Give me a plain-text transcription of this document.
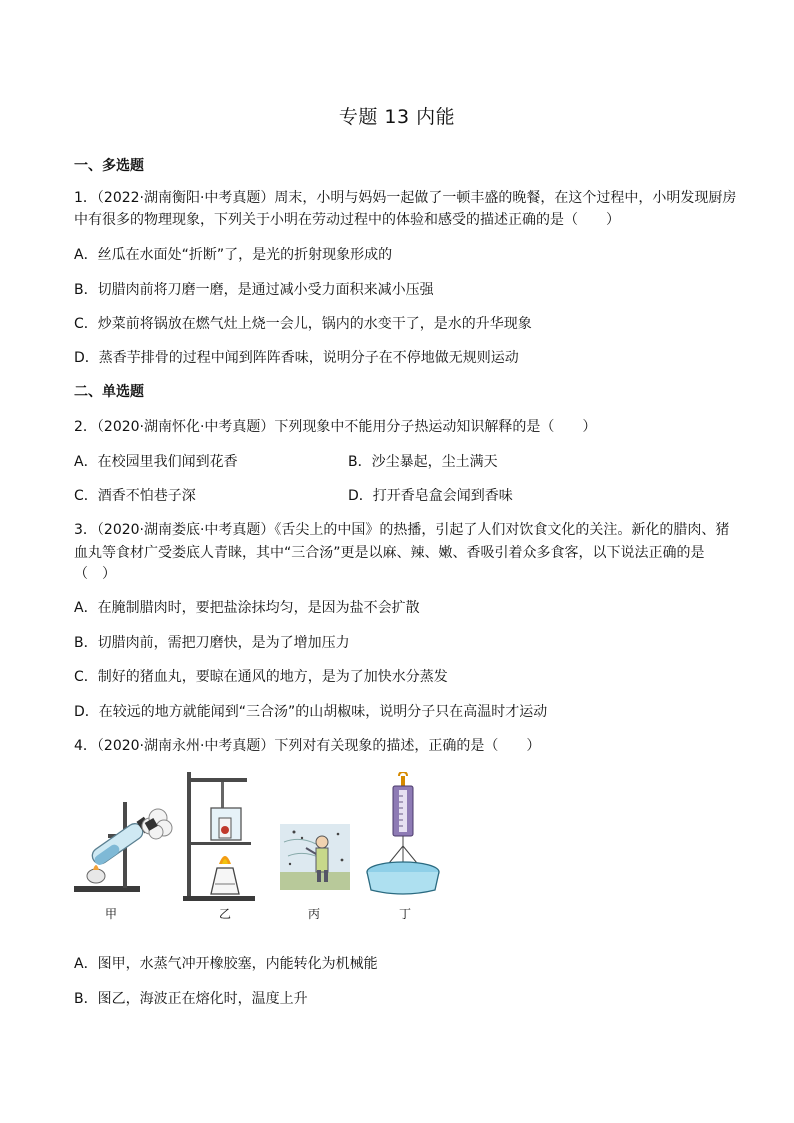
专题 13 内能
一、多选题
1．（2022·湖南衡阳·中考真题）周末，小明与妈妈一起做了一顿丰盛的晚餐，在这个过程中，小明发现厨房
中有很多的物理现象，下列关于小明在劳动过程中的体验和感受的描述正确的是（　　）
A．丝瓜在水面处“折断”了，是光的折射现象形成的
B．切腊肉前将刀磨一磨，是通过减小受力面积来减小压强
C．炒菜前将锅放在燃气灶上烧一会儿，锅内的水变干了，是水的升华现象
D．蒸香芋排骨的过程中闻到阵阵香味，说明分子在不停地做无规则运动
二、单选题
2．（2020·湖南怀化·中考真题）下列现象中不能用分子热运动知识解释的是（　　）
A．在校园里我们闻到花香	B．沙尘暴起，尘土满天
C．酒香不怕巷子深	D．打开香皂盒会闻到香味
3．（2020·湖南娄底·中考真题）《舌尖上的中国》的热播，引起了人们对饮食文化的关注。新化的腊肉、猪
血丸等食材广受娄底人青睐，其中“三合汤”更是以麻、辣、嫩、香吸引着众多食客，以下说法正确的是
（　）
A．在腌制腊肉时，要把盐涂抹均匀，是因为盐不会扩散
B．切腊肉前，需把刀磨快，是为了增加压力
C．制好的猪血丸，要晾在通风的地方，是为了加快水分蒸发
D．在较远的地方就能闻到“三合汤”的山胡椒味，说明分子只在高温时才运动
4．（2020·湖南永州·中考真题）下列对有关现象的描述，正确的是（　　）
甲	乙	丙	丁
A．图甲，水蒸气冲开橡胶塞，内能转化为机械能
B．图乙，海波正在熔化时，温度上升
